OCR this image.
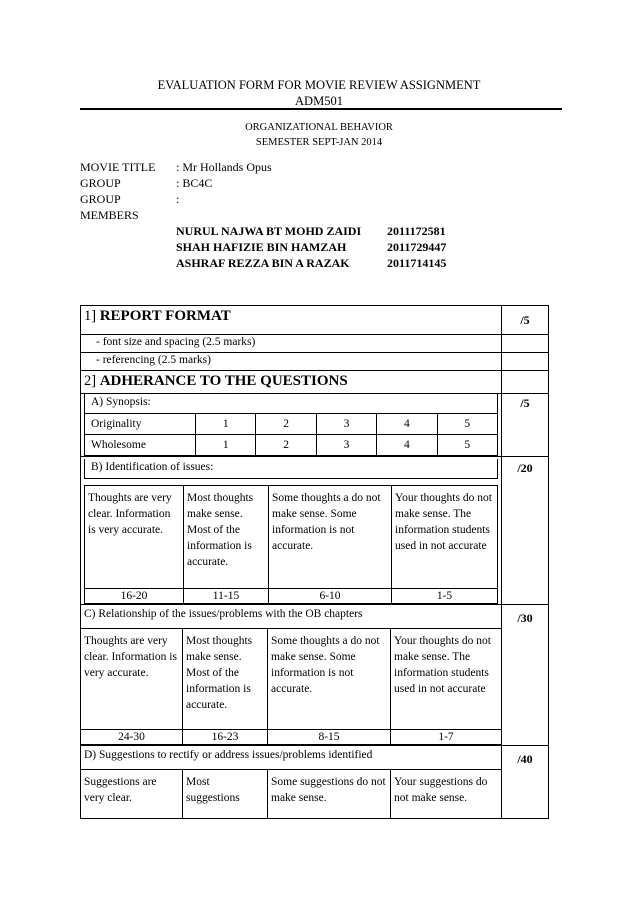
EVALUATION FORM FOR MOVIE REVIEW ASSIGNMENT
ADM501
ORGANIZATIONAL BEHAVIOR
SEMESTER SEPT-JAN 2014
MOVIE TITLE : Mr Hollands Opus
GROUP	: BC4C
GROUP
MEMBERS
:
NURUL NAJWA BT MOHD ZAIDI 2011172581
SHAH HAFIZIE BIN HAMZAH	2011729447
ASHRAF REZZA BIN A RAZAK	2011714145
1] REPORT FORMAT	/5
- font size and spacing (2.5 marks)	
- referencing (2.5 marks)	
2] ADHERANCE TO THE QUESTIONS	

A) Synopsis:
Originality	1	2	3	4	5
Wholesome	1	2	3	4	5
	/5

B) Identification of issues:
Thoughts are very clear. Information is very accurate.	Most thoughts make sense. Most of the information is accurate.	Some thoughts a do not make sense. Some information is not accurate.	Your thoughts do not make sense. The information students used in not accurate
16-20	11-15	6-10	1-5
	/20

C) Relationship of the issues/problems with the OB chapters
Thoughts are very clear. Information is very accurate.	Most thoughts make sense. Most of the information is accurate.	Some thoughts a do not make sense. Some information is not accurate.	Your thoughts do not make sense. The information students used in not accurate
24-30	16-23	8-15	1-7
	/30

D) Suggestions to rectify or address issues/problems identified
Suggestions are very clear.	Most suggestions	Some suggestions do not make sense.	Your suggestions do not make sense.
	/40
